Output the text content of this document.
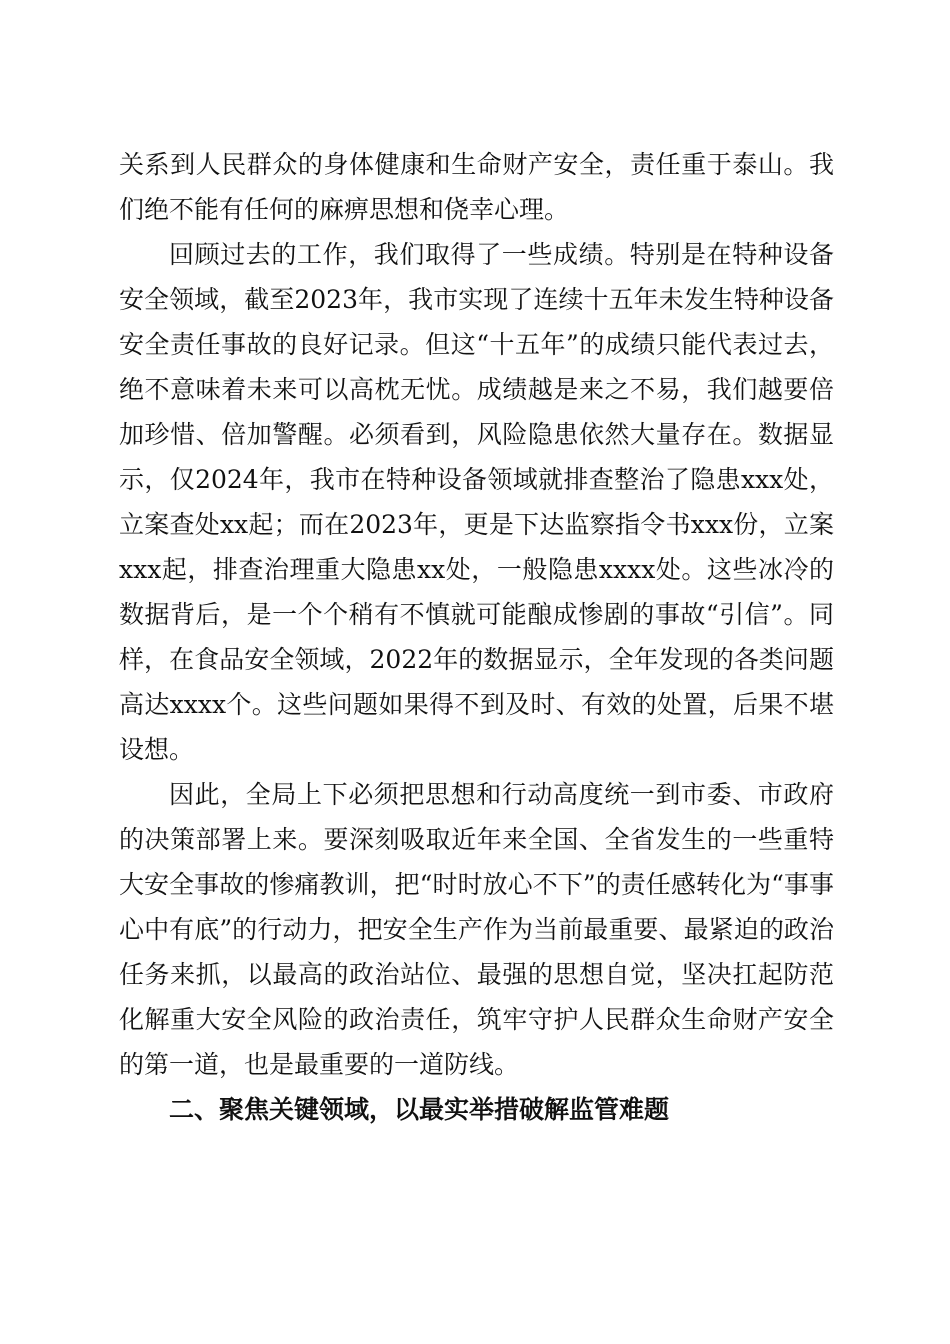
关系到人民群众的身体健康和生命财产安全，责任重于泰山。我们绝不能有任何的麻痹思想和侥幸心理。

回顾过去的工作，我们取得了一些成绩。特别是在特种设备安全领域，截至2023年，我市实现了连续十五年未发生特种设备安全责任事故的良好记录。但这“十五年”的成绩只能代表过去，绝不意味着未来可以高枕无忧。成绩越是来之不易，我们越要倍加珍惜、倍加警醒。必须看到，风险隐患依然大量存在。数据显示，仅2024年，我市在特种设备领域就排查整治了隐患xxx处，立案查处xx起；而在2023年，更是下达监察指令书xxx份，立案xxx起，排查治理重大隐患xx处，一般隐患xxxx处。这些冰冷的数据背后，是一个个稍有不慎就可能酿成惨剧的事故“引信”。同样，在食品安全领域，2022年的数据显示，全年发现的各类问题高达xxxx个。这些问题如果得不到及时、有效的处置，后果不堪设想。

因此，全局上下必须把思想和行动高度统一到市委、市政府的决策部署上来。要深刻吸取近年来全国、全省发生的一些重特大安全事故的惨痛教训，把“时时放心不下”的责任感转化为“事事心中有底”的行动力，把安全生产作为当前最重要、最紧迫的政治任务来抓，以最高的政治站位、最强的思想自觉，坚决扛起防范化解重大安全风险的政治责任，筑牢守护人民群众生命财产安全的第一道，也是最重要的一道防线。

二、聚焦关键领域，以最实举措破解监管难题
